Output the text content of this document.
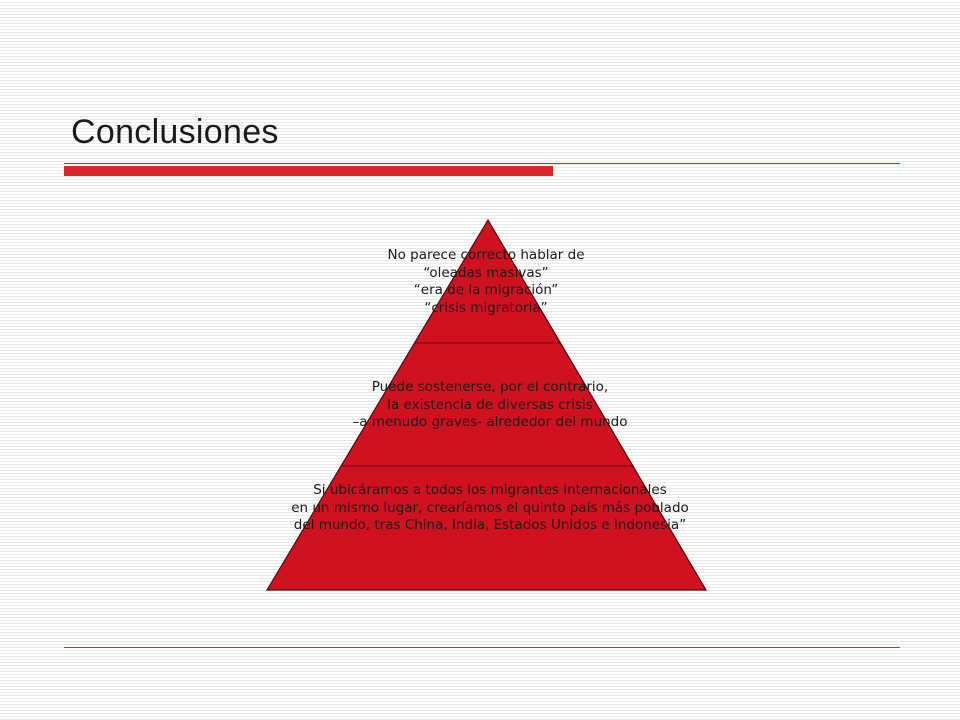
Conclusiones
No parece correcto hablar de
“oleadas masivas”
“era de la migración”
“crisis migratoria”
Puede sostenerse, por el contrario,
la existencia de diversas crisis
–a menudo graves- alrededor del mundo
Si ubicáramos a todos los migrantes internacionales
en un mismo lugar, crearíamos el quinto país más poblado
del mundo, tras China, India, Estados Unidos e Indonesia”
